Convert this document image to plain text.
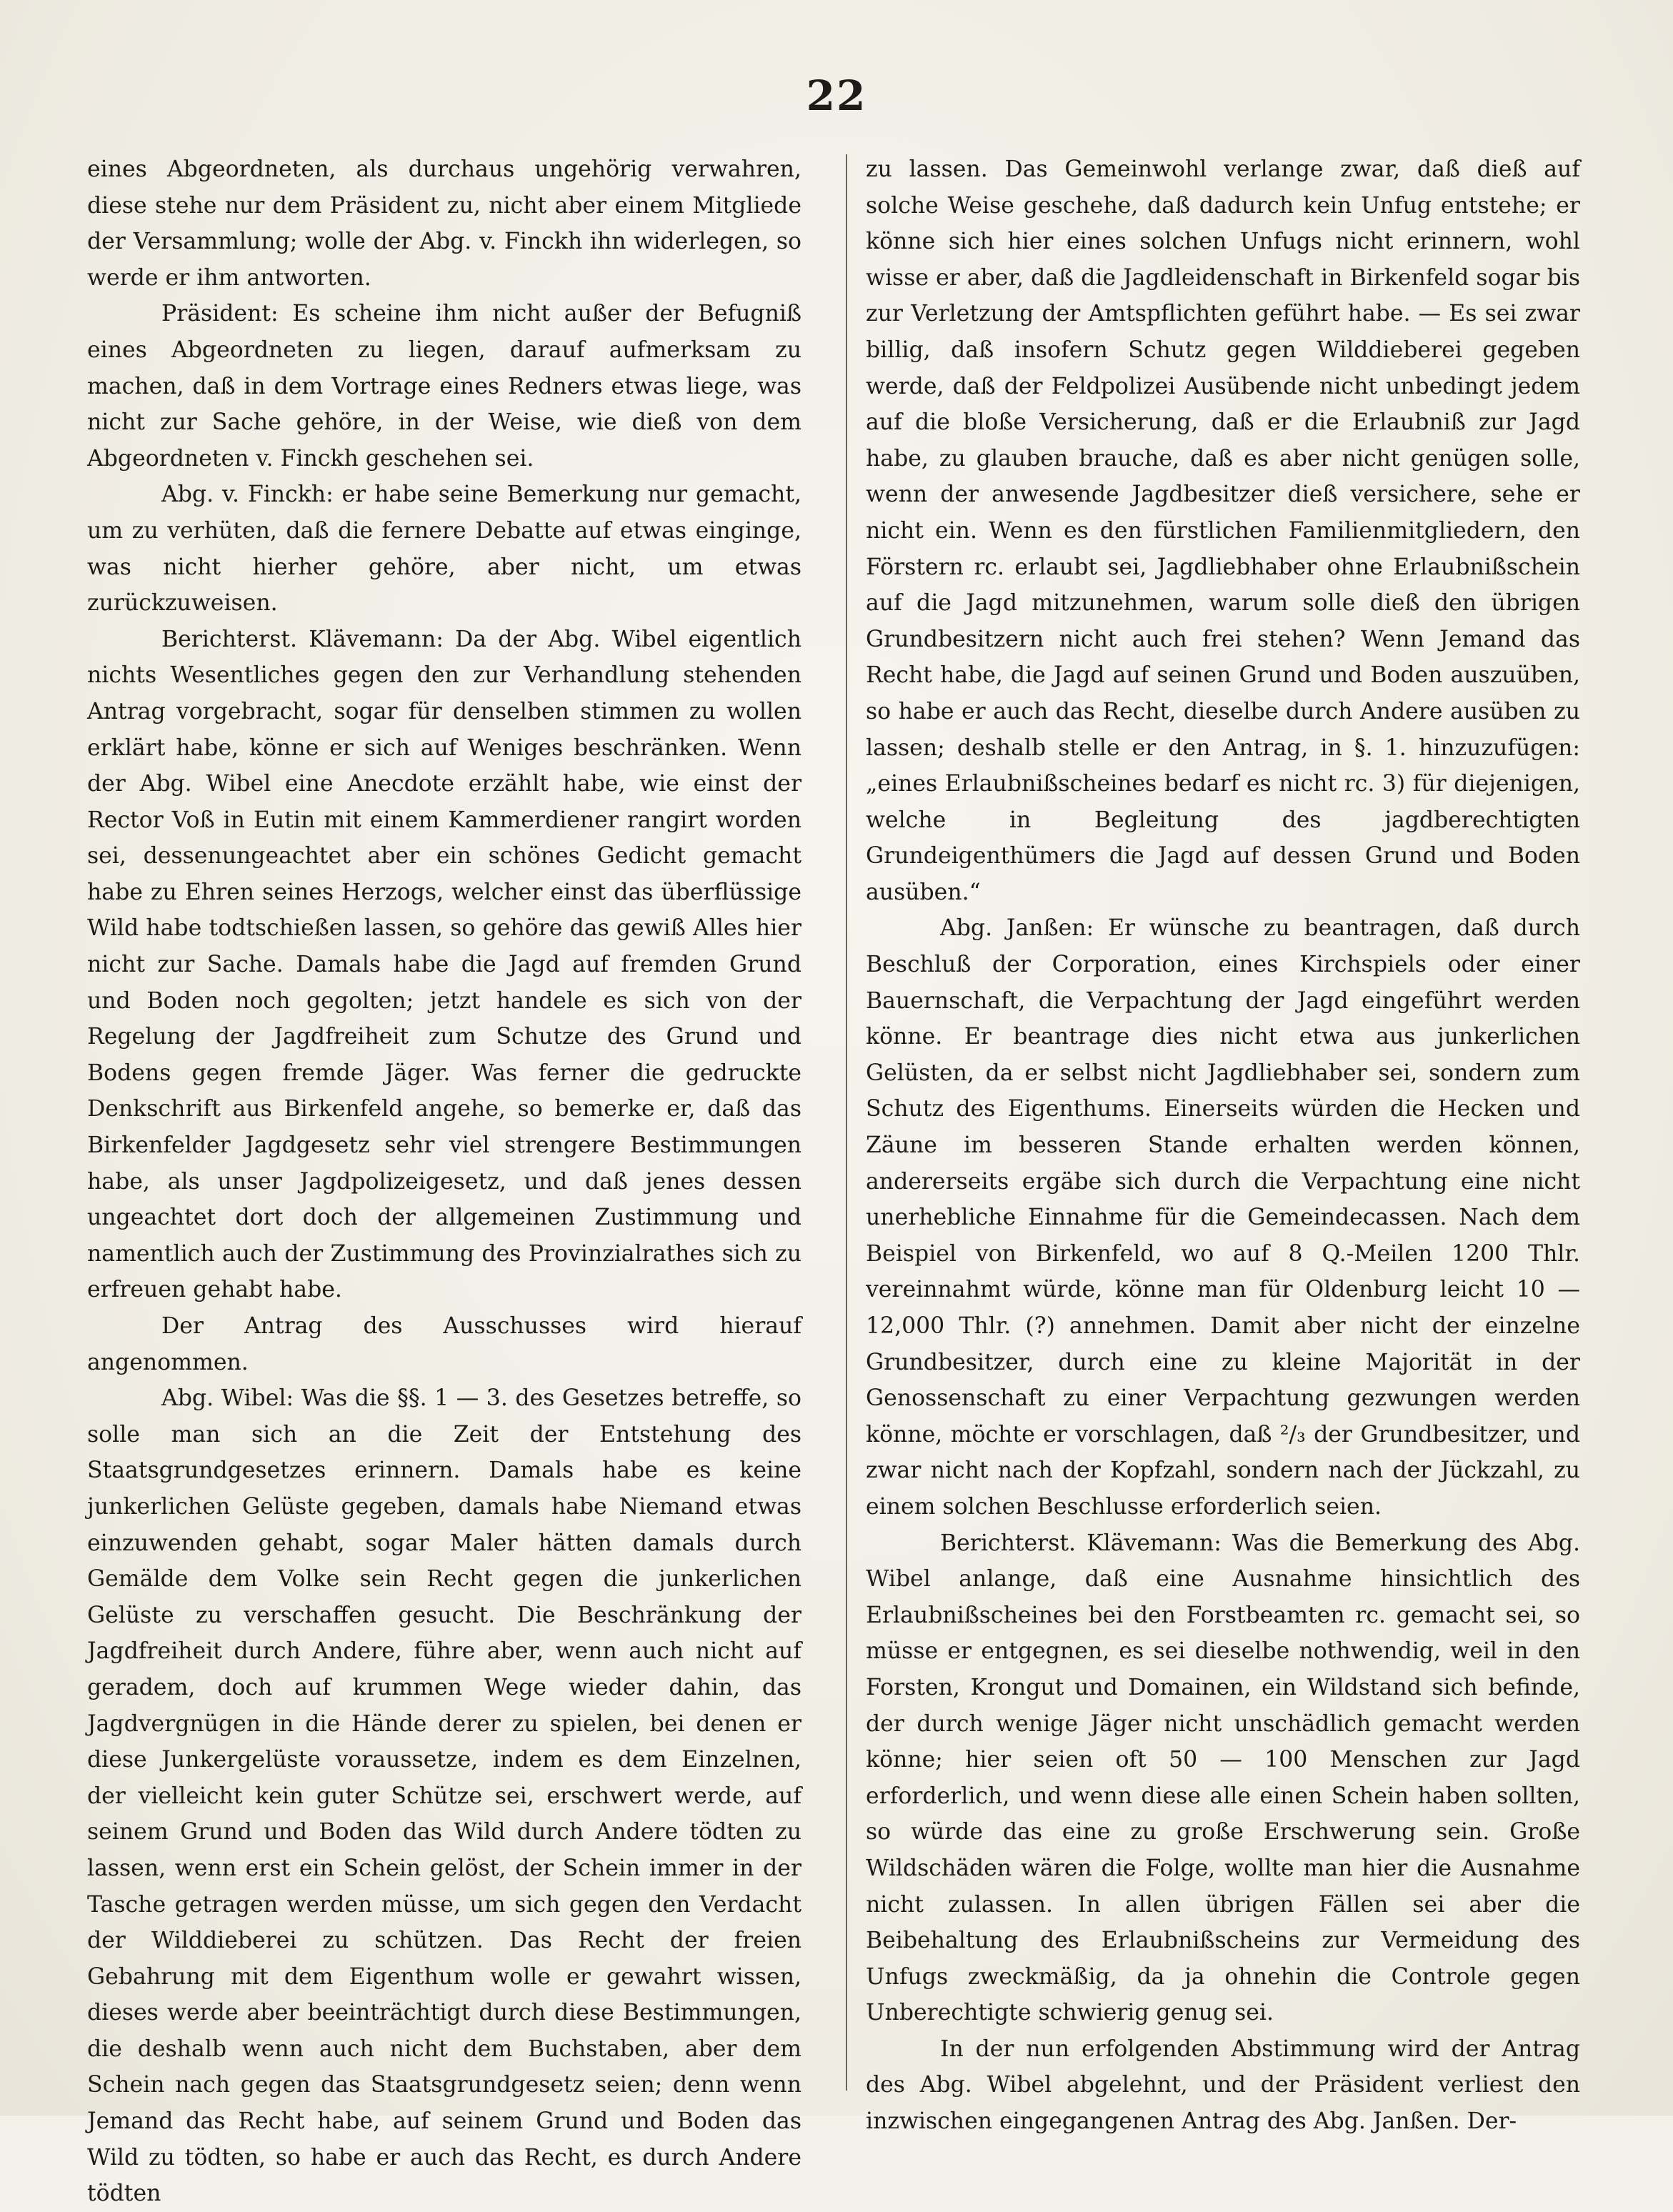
22

eines Abgeordneten, als durchaus ungehörig verwahren, diese stehe nur dem Präsident zu, nicht aber einem Mitgliede der Versammlung; wolle der Abg. v. Finckh ihn widerlegen, so werde er ihm antworten.

Präsident: Es scheine ihm nicht außer der Befugniß eines Abgeordneten zu liegen, darauf aufmerksam zu machen, daß in dem Vortrage eines Redners etwas liege, was nicht zur Sache gehöre, in der Weise, wie dieß von dem Abgeordneten v. Finckh geschehen sei.

Abg. v. Finckh: er habe seine Bemerkung nur gemacht, um zu verhüten, daß die fernere Debatte auf etwas einginge, was nicht hierher gehöre, aber nicht, um etwas zurückzuweisen.

Berichterst. Klävemann: Da der Abg. Wibel eigentlich nichts Wesentliches gegen den zur Verhandlung stehenden Antrag vorgebracht, sogar für denselben stimmen zu wollen erklärt habe, könne er sich auf Weniges beschränken. Wenn der Abg. Wibel eine Anecdote erzählt habe, wie einst der Rector Voß in Eutin mit einem Kammerdiener rangirt worden sei, dessenungeachtet aber ein schönes Gedicht gemacht habe zu Ehren seines Herzogs, welcher einst das überflüssige Wild habe todtschießen lassen, so gehöre das gewiß Alles hier nicht zur Sache. Damals habe die Jagd auf fremden Grund und Boden noch gegolten; jetzt handele es sich von der Regelung der Jagdfreiheit zum Schutze des Grund und Bodens gegen fremde Jäger. Was ferner die gedruckte Denkschrift aus Birkenfeld angehe, so bemerke er, daß das Birkenfelder Jagdgesetz sehr viel strengere Bestimmungen habe, als unser Jagdpolizeigesetz, und daß jenes dessen ungeachtet dort doch der allgemeinen Zustimmung und namentlich auch der Zustimmung des Provinzialrathes sich zu erfreuen gehabt habe.

Der Antrag des Ausschusses wird hierauf angenommen.

Abg. Wibel: Was die §§. 1 — 3. des Gesetzes betreffe, so solle man sich an die Zeit der Entstehung des Staatsgrundgesetzes erinnern. Damals habe es keine junkerlichen Gelüste gegeben, damals habe Niemand etwas einzuwenden gehabt, sogar Maler hätten damals durch Gemälde dem Volke sein Recht gegen die junkerlichen Gelüste zu verschaffen gesucht. Die Beschränkung der Jagdfreiheit durch Andere, führe aber, wenn auch nicht auf geradem, doch auf krummen Wege wieder dahin, das Jagdvergnügen in die Hände derer zu spielen, bei denen er diese Junkergelüste voraussetze, indem es dem Einzelnen, der vielleicht kein guter Schütze sei, erschwert werde, auf seinem Grund und Boden das Wild durch Andere tödten zu lassen, wenn erst ein Schein gelöst, der Schein immer in der Tasche getragen werden müsse, um sich gegen den Verdacht der Wilddieberei zu schützen. Das Recht der freien Gebahrung mit dem Eigenthum wolle er gewahrt wissen, dieses werde aber beeinträchtigt durch diese Bestimmungen, die deshalb wenn auch nicht dem Buchstaben, aber dem Schein nach gegen das Staatsgrundgesetz seien; denn wenn Jemand das Recht habe, auf seinem Grund und Boden das Wild zu tödten, so habe er auch das Recht, es durch Andere tödten

zu lassen. Das Gemeinwohl verlange zwar, daß dieß auf solche Weise geschehe, daß dadurch kein Unfug entstehe; er könne sich hier eines solchen Unfugs nicht erinnern, wohl wisse er aber, daß die Jagdleidenschaft in Birkenfeld sogar bis zur Verletzung der Amtspflichten geführt habe. — Es sei zwar billig, daß insofern Schutz gegen Wilddieberei gegeben werde, daß der Feldpolizei Ausübende nicht unbedingt jedem auf die bloße Versicherung, daß er die Erlaubniß zur Jagd habe, zu glauben brauche, daß es aber nicht genügen solle, wenn der anwesende Jagdbesitzer dieß versichere, sehe er nicht ein. Wenn es den fürstlichen Familienmitgliedern, den Förstern rc. erlaubt sei, Jagdliebhaber ohne Erlaubnißschein auf die Jagd mitzunehmen, warum solle dieß den übrigen Grundbesitzern nicht auch frei stehen? Wenn Jemand das Recht habe, die Jagd auf seinen Grund und Boden auszuüben, so habe er auch das Recht, dieselbe durch Andere ausüben zu lassen; deshalb stelle er den Antrag, in §. 1. hinzuzufügen: „eines Erlaubnißscheines bedarf es nicht rc. 3) für diejenigen, welche in Begleitung des jagdberechtigten Grundeigenthümers die Jagd auf dessen Grund und Boden ausüben.“

Abg. Janßen: Er wünsche zu beantragen, daß durch Beschluß der Corporation, eines Kirchspiels oder einer Bauernschaft, die Verpachtung der Jagd eingeführt werden könne. Er beantrage dies nicht etwa aus junkerlichen Gelüsten, da er selbst nicht Jagdliebhaber sei, sondern zum Schutz des Eigenthums. Einerseits würden die Hecken und Zäune im besseren Stande erhalten werden können, andererseits ergäbe sich durch die Verpachtung eine nicht unerhebliche Einnahme für die Gemeindecassen. Nach dem Beispiel von Birkenfeld, wo auf 8 Q.-Meilen 1200 Thlr. vereinnahmt würde, könne man für Oldenburg leicht 10 — 12,000 Thlr. (?) annehmen. Damit aber nicht der einzelne Grundbesitzer, durch eine zu kleine Majorität in der Genossenschaft zu einer Verpachtung gezwungen werden könne, möchte er vorschlagen, daß ²/₃ der Grundbesitzer, und zwar nicht nach der Kopfzahl, sondern nach der Jückzahl, zu einem solchen Beschlusse erforderlich seien.

Berichterst. Klävemann: Was die Bemerkung des Abg. Wibel anlange, daß eine Ausnahme hinsichtlich des Erlaubnißscheines bei den Forstbeamten rc. gemacht sei, so müsse er entgegnen, es sei dieselbe nothwendig, weil in den Forsten, Krongut und Domainen, ein Wildstand sich befinde, der durch wenige Jäger nicht unschädlich gemacht werden könne; hier seien oft 50 — 100 Menschen zur Jagd erforderlich, und wenn diese alle einen Schein haben sollten, so würde das eine zu große Erschwerung sein. Große Wildschäden wären die Folge, wollte man hier die Ausnahme nicht zulassen. In allen übrigen Fällen sei aber die Beibehaltung des Erlaubnißscheins zur Vermeidung des Unfugs zweckmäßig, da ja ohnehin die Controle gegen Unberechtigte schwierig genug sei.

In der nun erfolgenden Abstimmung wird der Antrag des Abg. Wibel abgelehnt, und der Präsident verliest den inzwischen eingegangenen Antrag des Abg. Janßen. Der-
